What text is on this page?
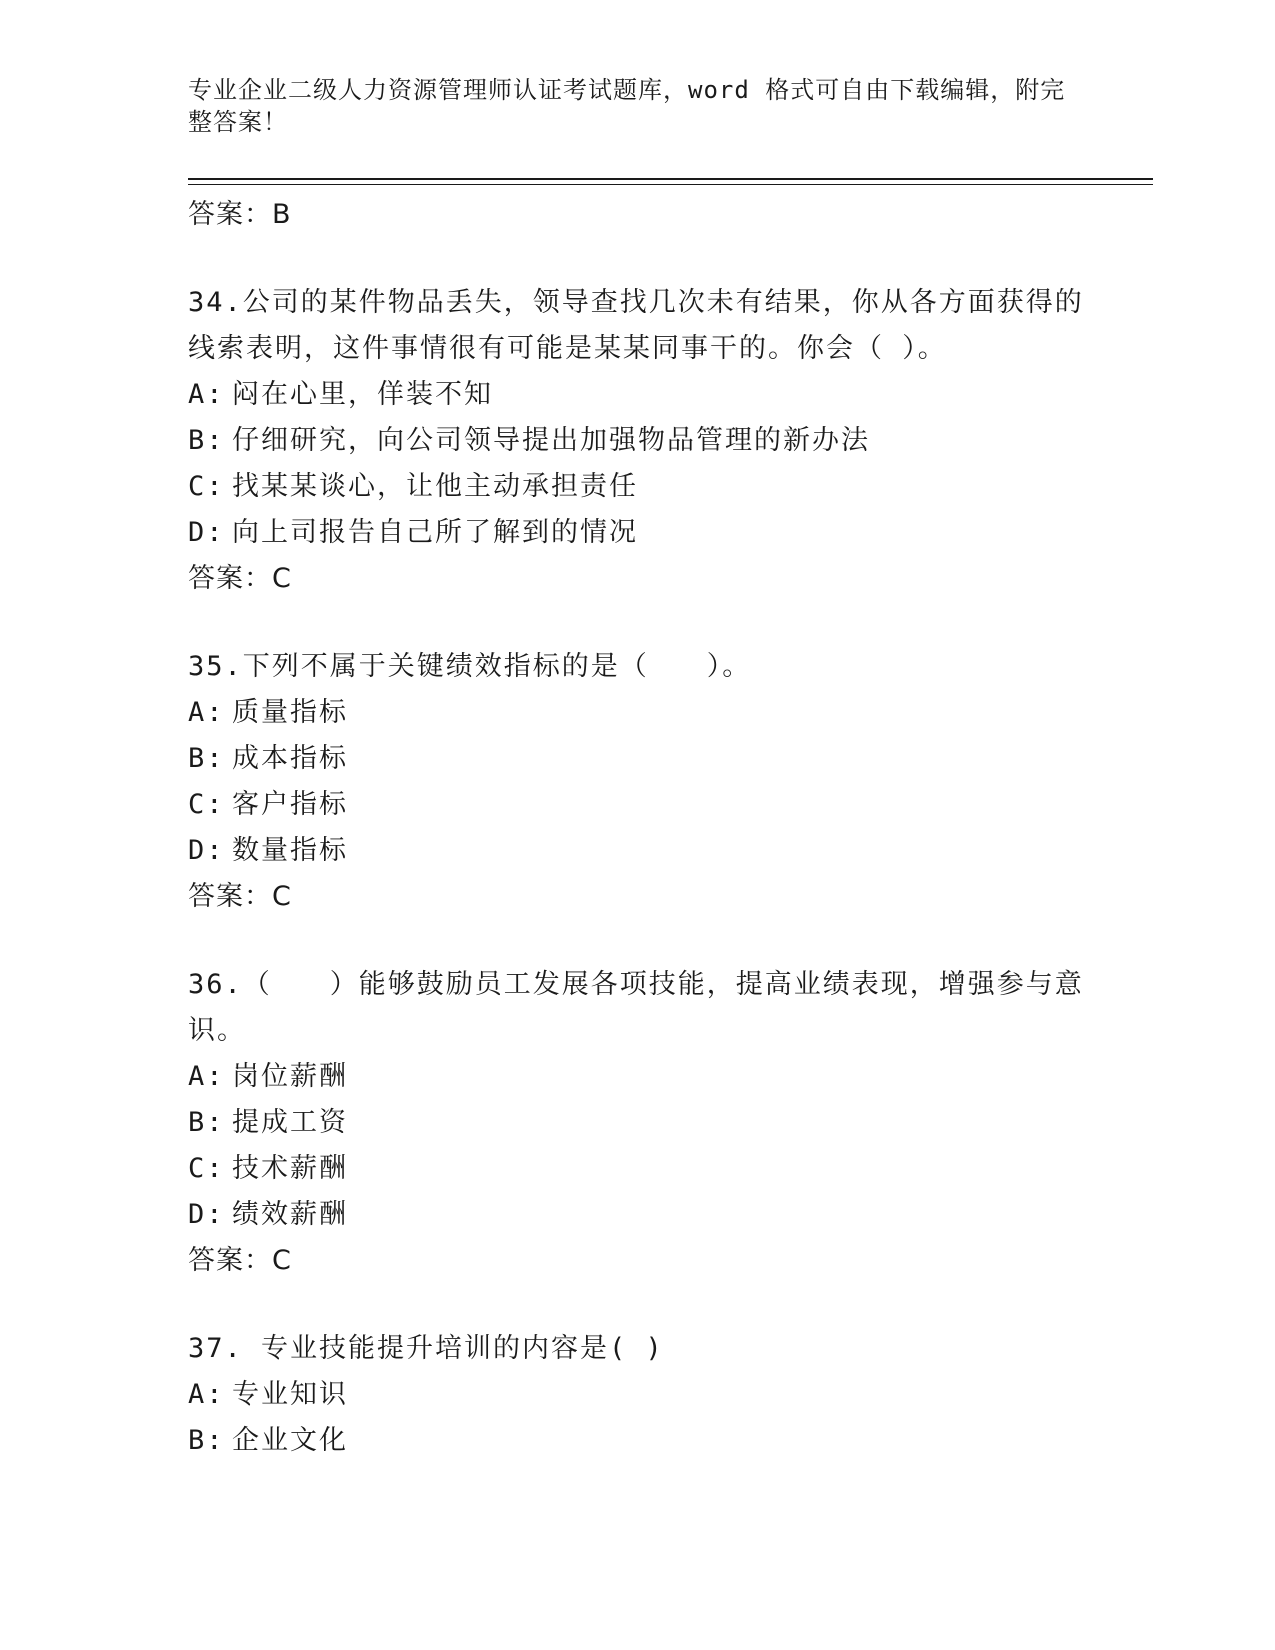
专业企业二级人力资源管理师认证考试题库，word 格式可自由下载编辑，附完整答案！
答案：B
34.公司的某件物品丢失，领导查找几次未有结果，你从各方面获得的线索表明，这件事情很有可能是某某同事干的。你会（ ）。
A: 闷在心里，佯装不知
B: 仔细研究，向公司领导提出加强物品管理的新办法
C: 找某某谈心，让他主动承担责任
D: 向上司报告自己所了解到的情况
答案：C
35.下列不属于关键绩效指标的是（　　）。
A: 质量指标
B: 成本指标
C: 客户指标
D: 数量指标
答案：C
36.（　　）能够鼓励员工发展各项技能，提高业绩表现，增强参与意识。
A: 岗位薪酬
B: 提成工资
C: 技术薪酬
D: 绩效薪酬
答案：C
37. 专业技能提升培训的内容是( )
A: 专业知识
B: 企业文化
